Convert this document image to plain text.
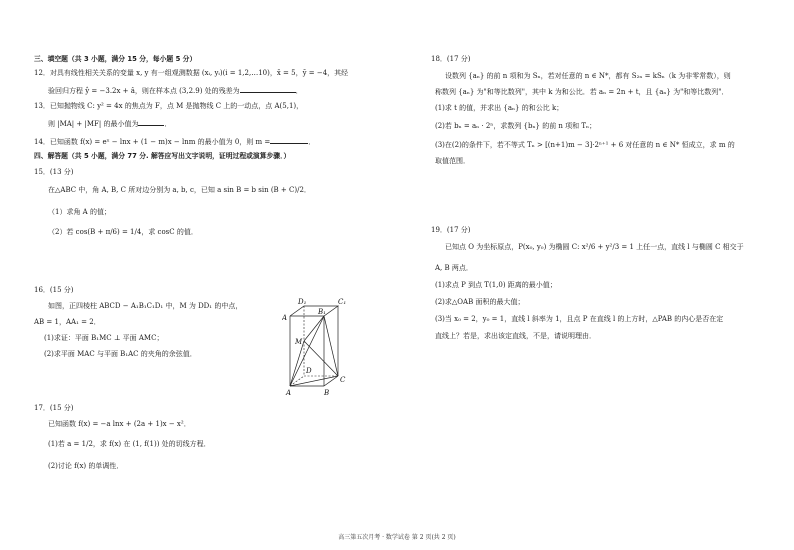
三、填空题（共 3 小题，满分 15 分，每小题 5 分）
12．对具有线性相关关系的变量 x, y 有一组观测数据 (xᵢ, yᵢ)(i = 1,2,…10)，x̄ = 5，ȳ = −4，其经
验回归方程 ŷ = −3.2x + â，则在样本点 (3,2.9) 处的残差为	．
13．已知抛物线 C: y² = 4x 的焦点为 F，点 M 是抛物线 C 上的一动点，点 A(5,1)，
则 |MA| + |MF| 的最小值为	．
14．已知函数 f(x) = eˣ − lnx + (1 − m)x − lnm 的最小值为 0，则 m =	．
四、解答题（共 5 小题，满分 77 分. 解答应写出文字说明，证明过程或演算步骤．）
15．(13 分)
在△ABC 中，角 A, B, C 所对边分别为 a, b, c，已知 a sin B = b sin (B + C)/2．
（1）求角 A 的值；
（2）若 cos(B + π/6) = 1/4，求 cosC 的值．
16．(15 分)
如图，正四棱柱 ABCD − A₁B₁C₁D₁ 中，M 为 DD₁ 的中点，
AB = 1，AA₁ = 2．
(1)求证：平面 B₁MC ⊥ 平面 AMC；
(2)求平面 MAC 与平面 B₁AC 的夹角的余弦值．
D₁	C₁
A
B₁
M
D
C
A	B
17．(15 分)
已知函数 f(x) = −a lnx + (2a + 1)x − x²．
(1)若 a = 1/2，求 f(x) 在 (1, f(1)) 处的切线方程．
(2)讨论 f(x) 的单调性．
18．(17 分)
设数列 {aₙ} 的前 n 项和为 Sₙ，若对任意的 n ∈ N*，都有 S₂ₙ = kSₙ（k 为非零常数），则
称数列 {aₙ} 为"和等比数列"，其中 k 为和公比．若 aₙ = 2n + t，且 {aₙ} 为"和等比数列"．
(1)求 t 的值，并求出 {aₙ} 的和公比 k；
(2)若 bₙ = aₙ · 2ⁿ，求数列 {bₙ} 的前 n 项和 Tₙ；
(3)在(2)的条件下，若不等式 Tₙ > [(n+1)m − 3]·2ⁿ⁺¹ + 6 对任意的 n ∈ N* 恒成立，求 m 的
取值范围．
19．(17 分)
已知点 O 为坐标原点，P(x₀, y₀) 为椭圆 C: x²/6 + y²/3 = 1 上任一点，直线 l 与椭圆 C 相交于
A, B 两点．
(1)求点 P 到点 T(1,0) 距离的最小值；
(2)求△OAB 面积的最大值；
(3)当 x₀ = 2，y₀ = 1，直线 l 斜率为 1，且点 P 在直线 l 的上方时，△PAB 的内心是否在定
直线上？若是，求出该定直线，不是，请说明理由．
高三第五次月考 · 数学试卷 第 2 页(共 2 页)
